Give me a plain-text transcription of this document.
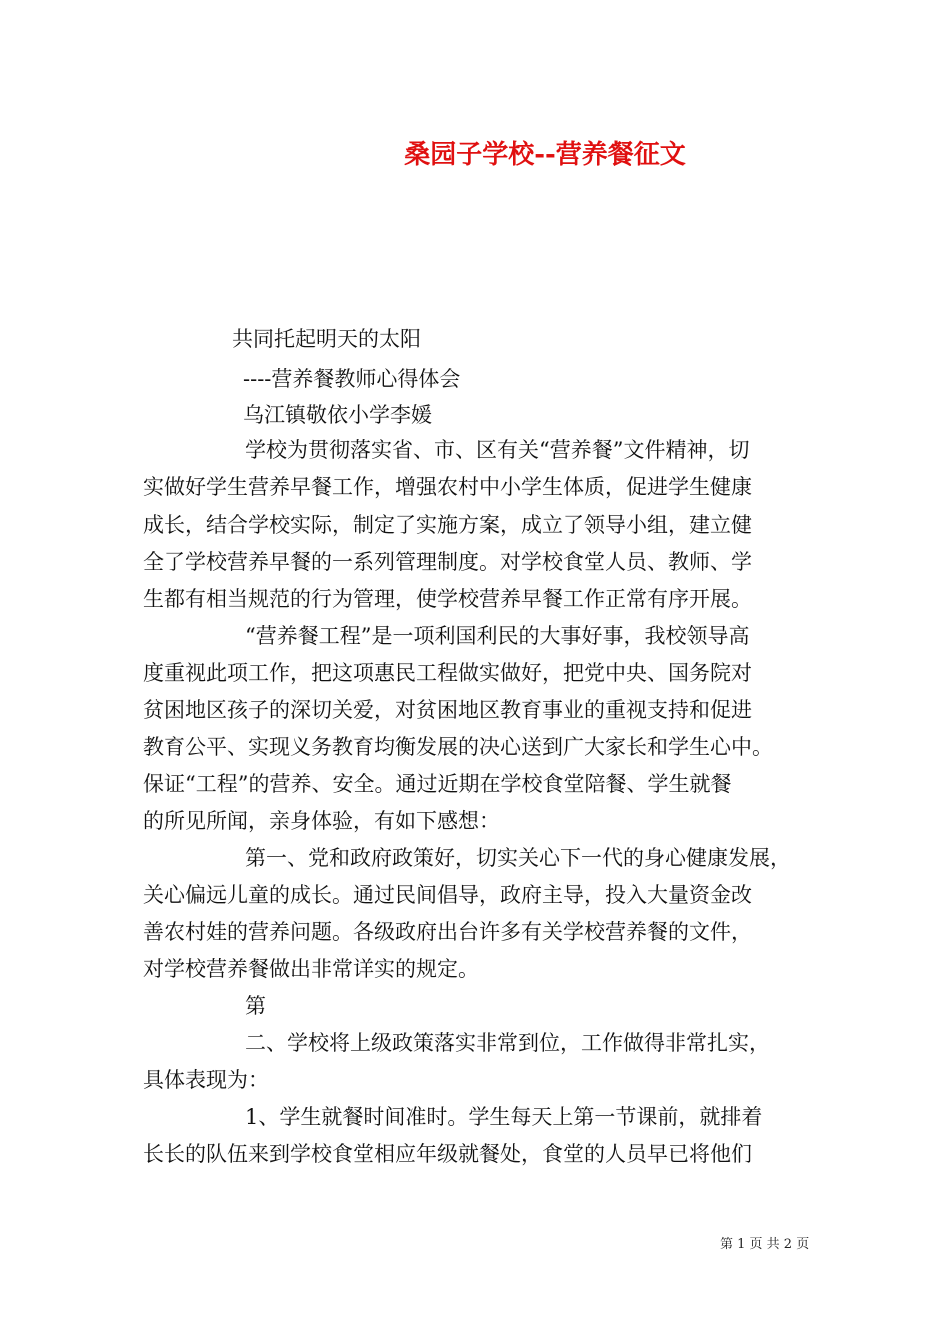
桑园子学校--营养餐征文
共同托起明天的太阳
----营养餐教师心得体会
乌江镇敬依小学李媛
学校为贯彻落实省、市、区有关“营养餐”文件精神，切
实做好学生营养早餐工作，增强农村中小学生体质，促进学生健康
成长，结合学校实际，制定了实施方案，成立了领导小组，建立健
全了学校营养早餐的一系列管理制度。对学校食堂人员、教师、学
生都有相当规范的行为管理，使学校营养早餐工作正常有序开展。
“营养餐工程”是一项利国利民的大事好事，我校领导高
度重视此项工作，把这项惠民工程做实做好，把党中央、国务院对
贫困地区孩子的深切关爱，对贫困地区教育事业的重视支持和促进
教育公平、实现义务教育均衡发展的决心送到广大家长和学生心中。
保证“工程”的营养、安全。通过近期在学校食堂陪餐、学生就餐
的所见所闻，亲身体验，有如下感想：
第一、党和政府政策好，切实关心下一代的身心健康发展，
关心偏远儿童的成长。通过民间倡导，政府主导，投入大量资金改
善农村娃的营养问题。各级政府出台许多有关学校营养餐的文件，
对学校营养餐做出非常详实的规定。
第
二、学校将上级政策落实非常到位，工作做得非常扎实，
具体表现为：
1、学生就餐时间准时。学生每天上第一节课前，就排着
长长的队伍来到学校食堂相应年级就餐处，食堂的人员早已将他们
第 1 页 共 2 页
